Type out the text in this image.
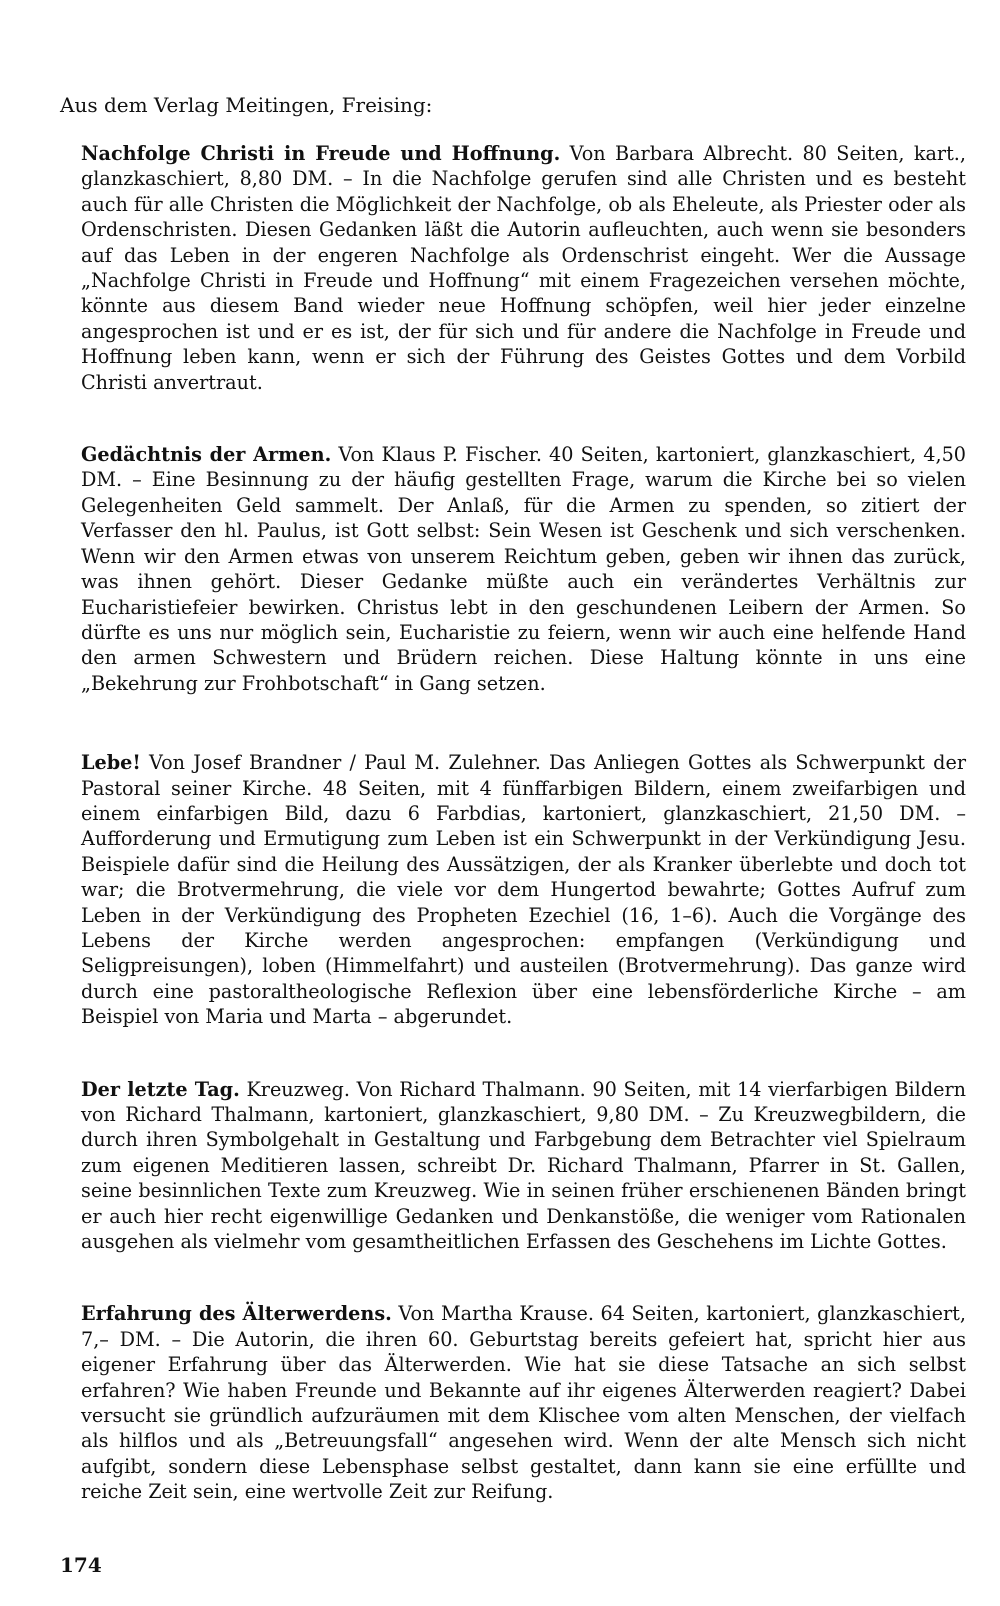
Aus dem Verlag Meitingen, Freising:

Nachfolge Christi in Freude und Hoffnung. Von Barbara Albrecht. 80 Seiten, kart., glanzkaschiert, 8,80 DM. – In die Nachfolge gerufen sind alle Christen und es besteht auch für alle Christen die Möglichkeit der Nachfolge, ob als Eheleute, als Priester oder als Ordenschristen. Diesen Gedanken läßt die Autorin aufleuchten, auch wenn sie besonders auf das Leben in der engeren Nachfolge als Ordenschrist eingeht. Wer die Aussage „Nachfolge Christi in Freude und Hoffnung“ mit einem Fragezeichen versehen möchte, könnte aus diesem Band wieder neue Hoffnung schöpfen, weil hier jeder einzelne angesprochen ist und er es ist, der für sich und für andere die Nachfolge in Freude und Hoffnung leben kann, wenn er sich der Führung des Geistes Gottes und dem Vorbild Christi anvertraut.

Gedächtnis der Armen. Von Klaus P. Fischer. 40 Seiten, kartoniert, glanzkaschiert, 4,50 DM. – Eine Besinnung zu der häufig gestellten Frage, warum die Kirche bei so vielen Gelegenheiten Geld sammelt. Der Anlaß, für die Armen zu spenden, so zitiert der Verfasser den hl. Paulus, ist Gott selbst: Sein Wesen ist Geschenk und sich verschenken. Wenn wir den Armen etwas von unserem Reichtum geben, geben wir ihnen das zurück, was ihnen gehört. Dieser Gedanke müßte auch ein verändertes Verhältnis zur Eucharistiefeier bewirken. Christus lebt in den geschundenen Leibern der Armen. So dürfte es uns nur möglich sein, Eucharistie zu feiern, wenn wir auch eine helfende Hand den armen Schwestern und Brüdern reichen. Diese Haltung könnte in uns eine „Bekehrung zur Frohbotschaft“ in Gang setzen.

Lebe! Von Josef Brandner / Paul M. Zulehner. Das Anliegen Gottes als Schwerpunkt der Pastoral seiner Kirche. 48 Seiten, mit 4 fünffarbigen Bildern, einem zweifarbigen und einem einfarbigen Bild, dazu 6 Farbdias, kartoniert, glanzkaschiert, 21,50 DM. – Aufforderung und Ermutigung zum Leben ist ein Schwerpunkt in der Verkündigung Jesu. Beispiele dafür sind die Heilung des Aussätzigen, der als Kranker überlebte und doch tot war; die Brotvermehrung, die viele vor dem Hungertod bewahrte; Gottes Aufruf zum Leben in der Verkündigung des Propheten Ezechiel (16, 1–6). Auch die Vorgänge des Lebens der Kirche werden angesprochen: empfangen (Verkündigung und Seligpreisungen), loben (Himmelfahrt) und austeilen (Brotvermehrung). Das ganze wird durch eine pastoraltheologische Reflexion über eine lebensförderliche Kirche – am Beispiel von Maria und Marta – abgerundet.

Der letzte Tag. Kreuzweg. Von Richard Thalmann. 90 Seiten, mit 14 vierfarbigen Bildern von Richard Thalmann, kartoniert, glanzkaschiert, 9,80 DM. – Zu Kreuzwegbildern, die durch ihren Symbolgehalt in Gestaltung und Farbgebung dem Betrachter viel Spielraum zum eigenen Meditieren lassen, schreibt Dr. Richard Thalmann, Pfarrer in St. Gallen, seine besinnlichen Texte zum Kreuzweg. Wie in seinen früher erschienenen Bänden bringt er auch hier recht eigenwillige Gedanken und Denkanstöße, die weniger vom Rationalen ausgehen als vielmehr vom gesamtheitlichen Erfassen des Geschehens im Lichte Gottes.

Erfahrung des Älterwerdens. Von Martha Krause. 64 Seiten, kartoniert, glanzkaschiert, 7,– DM. – Die Autorin, die ihren 60. Geburtstag bereits gefeiert hat, spricht hier aus eigener Erfahrung über das Älterwerden. Wie hat sie diese Tatsache an sich selbst erfahren? Wie haben Freunde und Bekannte auf ihr eigenes Älterwerden reagiert? Dabei versucht sie gründlich aufzuräumen mit dem Klischee vom alten Menschen, der vielfach als hilflos und als „Betreuungsfall“ angesehen wird. Wenn der alte Mensch sich nicht aufgibt, sondern diese Lebensphase selbst gestaltet, dann kann sie eine erfüllte und reiche Zeit sein, eine wertvolle Zeit zur Reifung.

174
